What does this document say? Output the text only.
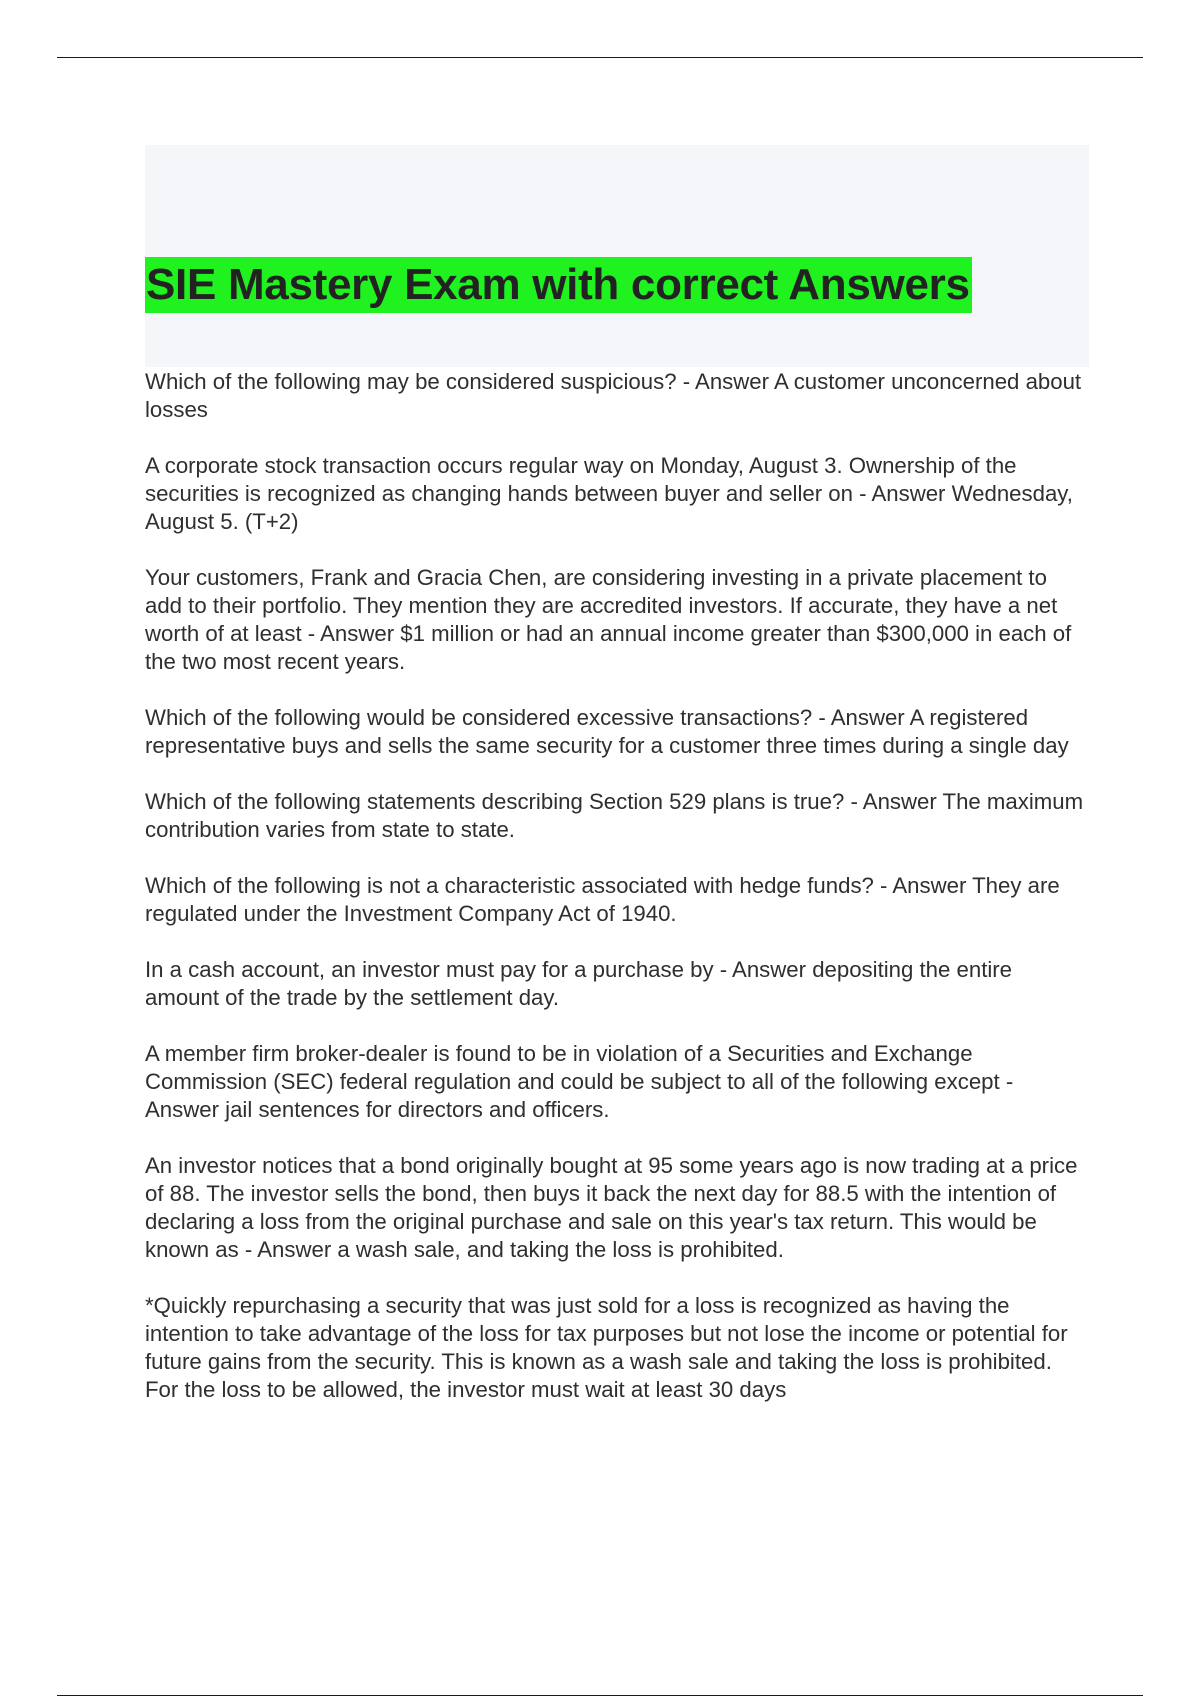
SIE Mastery Exam with correct Answers

Which of the following may be considered suspicious? - Answer A customer unconcerned about losses

A corporate stock transaction occurs regular way on Monday, August 3. Ownership of the securities is recognized as changing hands between buyer and seller on - Answer Wednesday, August 5. (T+2)

Your customers, Frank and Gracia Chen, are considering investing in a private placement to add to their portfolio. They mention they are accredited investors. If accurate, they have a net worth of at least - Answer $1 million or had an annual income greater than $300,000 in each of the two most recent years.

Which of the following would be considered excessive transactions? - Answer A registered representative buys and sells the same security for a customer three times during a single day

Which of the following statements describing Section 529 plans is true? - Answer The maximum contribution varies from state to state.

Which of the following is not a characteristic associated with hedge funds? - Answer They are regulated under the Investment Company Act of 1940.

In a cash account, an investor must pay for a purchase by - Answer depositing the entire amount of the trade by the settlement day.

A member firm broker-dealer is found to be in violation of a Securities and Exchange Commission (SEC) federal regulation and could be subject to all of the following except - Answer jail sentences for directors and officers.

An investor notices that a bond originally bought at 95 some years ago is now trading at a price of 88. The investor sells the bond, then buys it back the next day for 88.5 with the intention of declaring a loss from the original purchase and sale on this year's tax return. This would be known as - Answer a wash sale, and taking the loss is prohibited.

*Quickly repurchasing a security that was just sold for a loss is recognized as having the intention to take advantage of the loss for tax purposes but not lose the income or potential for future gains from the security. This is known as a wash sale and taking the loss is prohibited. For the loss to be allowed, the investor must wait at least 30 days
